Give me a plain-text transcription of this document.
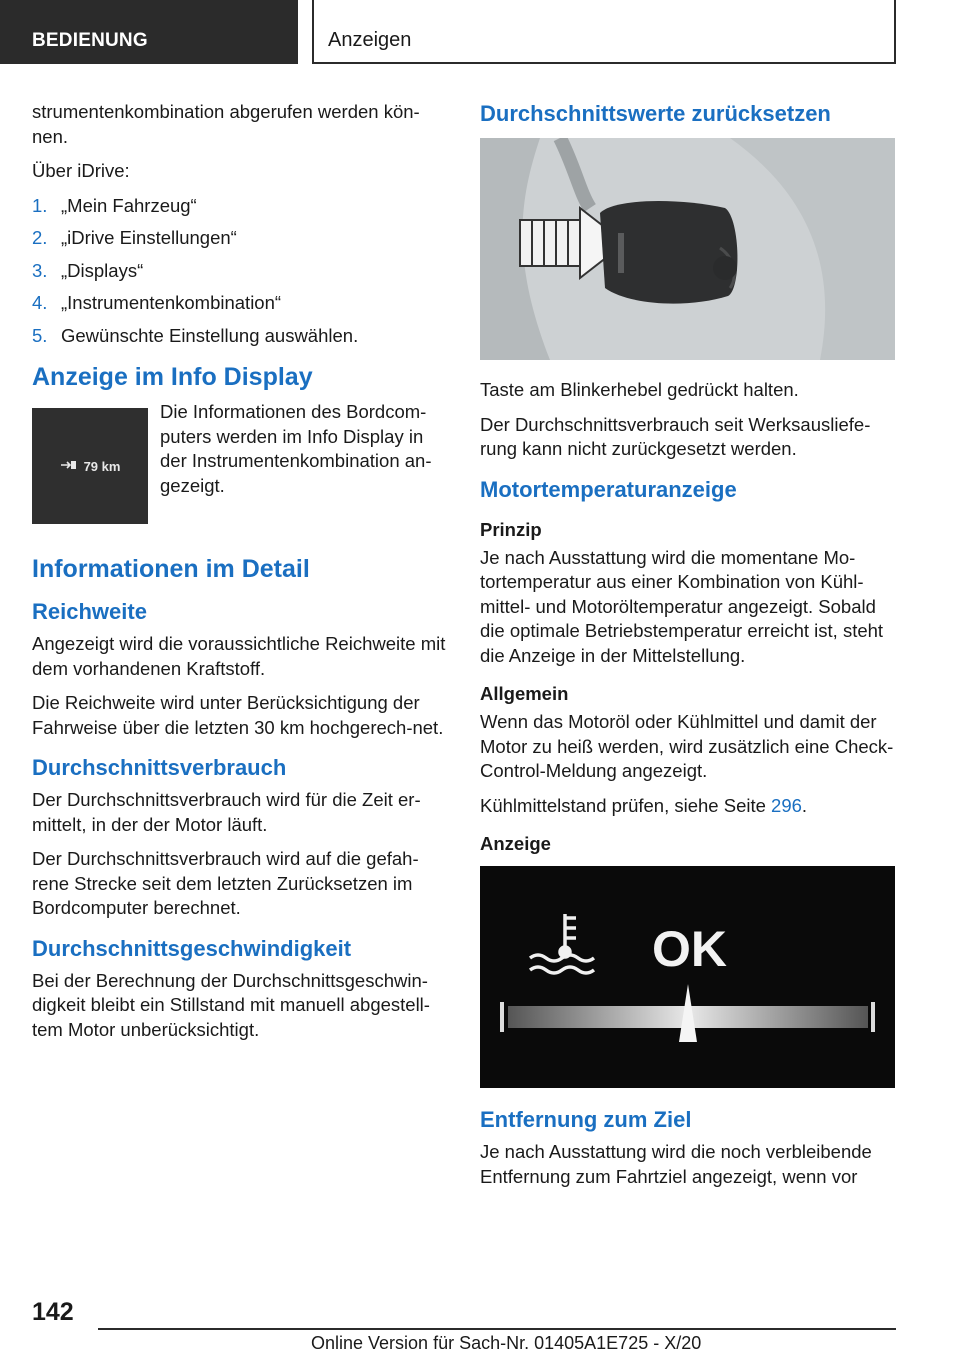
BEDIENUNG	Anzeigen

strumentenkombination abgerufen werden kön-nen.

Über iDrive:

1. „Mein Fahrzeug“
2. „iDrive Einstellungen“
3. „Displays“
4. „Instrumentenkombination“
5. Gewünschte Einstellung auswählen.
Anzeige im Info Display
79 km
Die Informationen des Bordcom-puters werden im Info Display in der Instrumentenkombination an-gezeigt.
Informationen im Detail
Reichweite

Angezeigt wird die voraussichtliche Reichweite mit dem vorhandenen Kraftstoff.

Die Reichweite wird unter Berücksichtigung der Fahrweise über die letzten 30 km hochgerech-net.

Durchschnittsverbrauch

Der Durchschnittsverbrauch wird für die Zeit er-mittelt, in der der Motor läuft.

Der Durchschnittsverbrauch wird auf die gefah-rene Strecke seit dem letzten Zurücksetzen im Bordcomputer berechnet.

Durchschnittsgeschwindigkeit

Bei der Berechnung der Durchschnittsgeschwin-digkeit bleibt ein Stillstand mit manuell abgestell-tem Motor unberücksichtigt.

Durchschnittswerte zurücksetzen

Taste am Blinkerhebel gedrückt halten.

Der Durchschnittsverbrauch seit Werksausliefe-rung kann nicht zurückgesetzt werden.

Motortemperaturanzeige
Prinzip

Je nach Ausstattung wird die momentane Mo-tortemperatur aus einer Kombination von Kühl-mittel- und Motoröltemperatur angezeigt. Sobald die optimale Betriebstemperatur erreicht ist, steht die Anzeige in der Mittelstellung.

Allgemein

Wenn das Motoröl oder Kühlmittel und damit der Motor zu heiß werden, wird zusätzlich eine Check-Control-Meldung angezeigt.

Kühlmittelstand prüfen, siehe Seite 296.

Anzeige
OK
Entfernung zum Ziel

Je nach Ausstattung wird die noch verbleibende Entfernung zum Fahrtziel angezeigt, wenn vor

142
Online Version für Sach-Nr. 01405A1E725 - X/20
